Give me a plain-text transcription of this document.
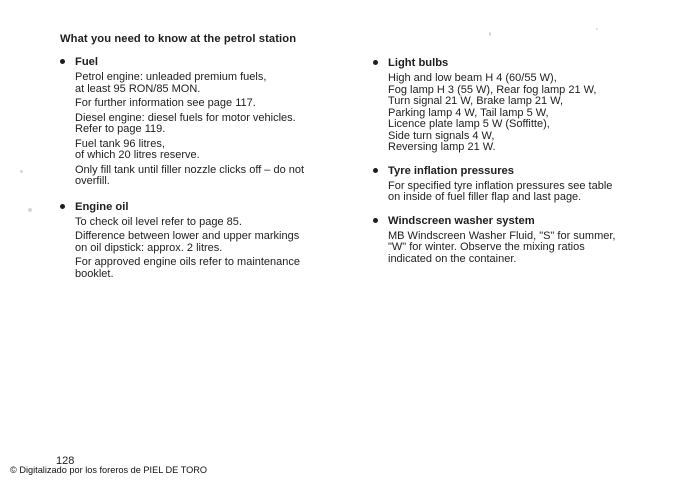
What you need to know at the petrol station
Fuel

Petrol engine: unleaded premium fuels,
at least 95 RON/85 MON.

For further information see page 117.

Diesel engine: diesel fuels for motor vehicles.
Refer to page 119.

Fuel tank 96 litres,
of which 20 litres reserve.

Only fill tank until filler nozzle clicks off – do not
overfill.

Engine oil

To check oil level refer to page 85.

Difference between lower and upper markings
on oil dipstick: approx. 2 litres.

For approved engine oils refer to maintenance
booklet.

Light bulbs

High and low beam H 4 (60/55 W),
Fog lamp H 3 (55 W), Rear fog lamp 21 W,
Turn signal 21 W, Brake lamp 21 W,
Parking lamp 4 W, Tail lamp 5 W,
Licence plate lamp 5 W (Soffitte),
Side turn signals 4 W,
Reversing lamp 21 W.

Tyre inflation pressures

For specified tyre inflation pressures see table
on inside of fuel filler flap and last page.

Windscreen washer system

MB Windscreen Washer Fluid, "S" for summer,
"W" for winter. Observe the mixing ratios
indicated on the container.

128
© Digitalizado por los foreros de PIEL DE TORO
